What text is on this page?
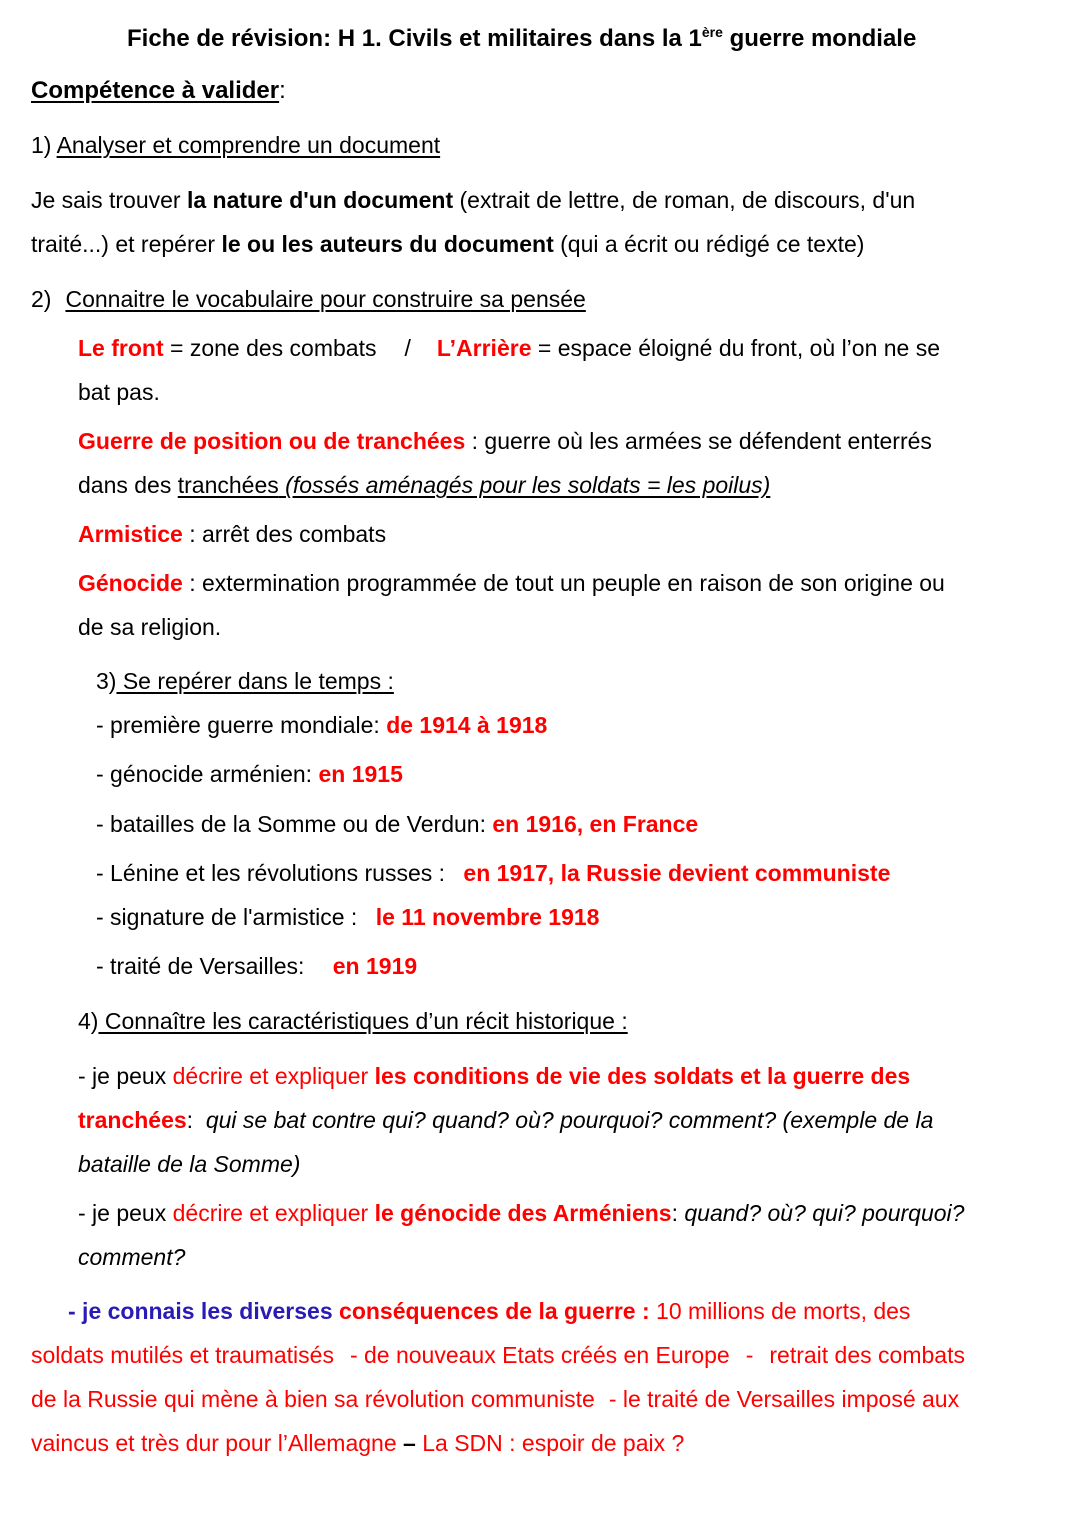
Fiche de révision: H 1. Civils et militaires dans la 1ère guerre mondiale
Compétence à valider:
1) Analyser et comprendre un document
Je sais trouver la nature d'un document (extrait de lettre, de roman, de discours, d'un
traité...) et repérer le ou les auteurs du document (qui a écrit ou rédigé ce texte)
2) Connaitre le vocabulaire pour construire sa pensée
Le front = zone des combats / L’Arrière = espace éloigné du front, où l’on ne se
bat pas.
Guerre de position ou de tranchées : guerre où les armées se défendent enterrés
dans des tranchées (fossés aménagés pour les soldats = les poilus)
Armistice : arrêt des combats
Génocide : extermination programmée de tout un peuple en raison de son origine ou
de sa religion.
3) Se repérer dans le temps :
- première guerre mondiale: de 1914 à 1918
- génocide arménien: en 1915
- batailles de la Somme ou de Verdun: en 1916, en France
- Lénine et les révolutions russes : en 1917, la Russie devient communiste
- signature de l'armistice : le 11 novembre 1918
- traité de Versailles: en 1919
4) Connaître les caractéristiques d’un récit historique :
- je peux décrire et expliquer les conditions de vie des soldats et la guerre des
tranchées:  qui se bat contre qui? quand? où? pourquoi? comment? (exemple de la
bataille de la Somme)
- je peux décrire et expliquer le génocide des Arméniens: quand? où? qui? pourquoi?
comment?
- je connais les diverses conséquences de la guerre : 10 millions de morts, des
soldats mutilés et traumatisés - de nouveaux Etats créés en Europe - retrait des combats
de la Russie qui mène à bien sa révolution communiste - le traité de Versailles imposé aux
vaincus et très dur pour l’Allemagne – La SDN : espoir de paix ?
